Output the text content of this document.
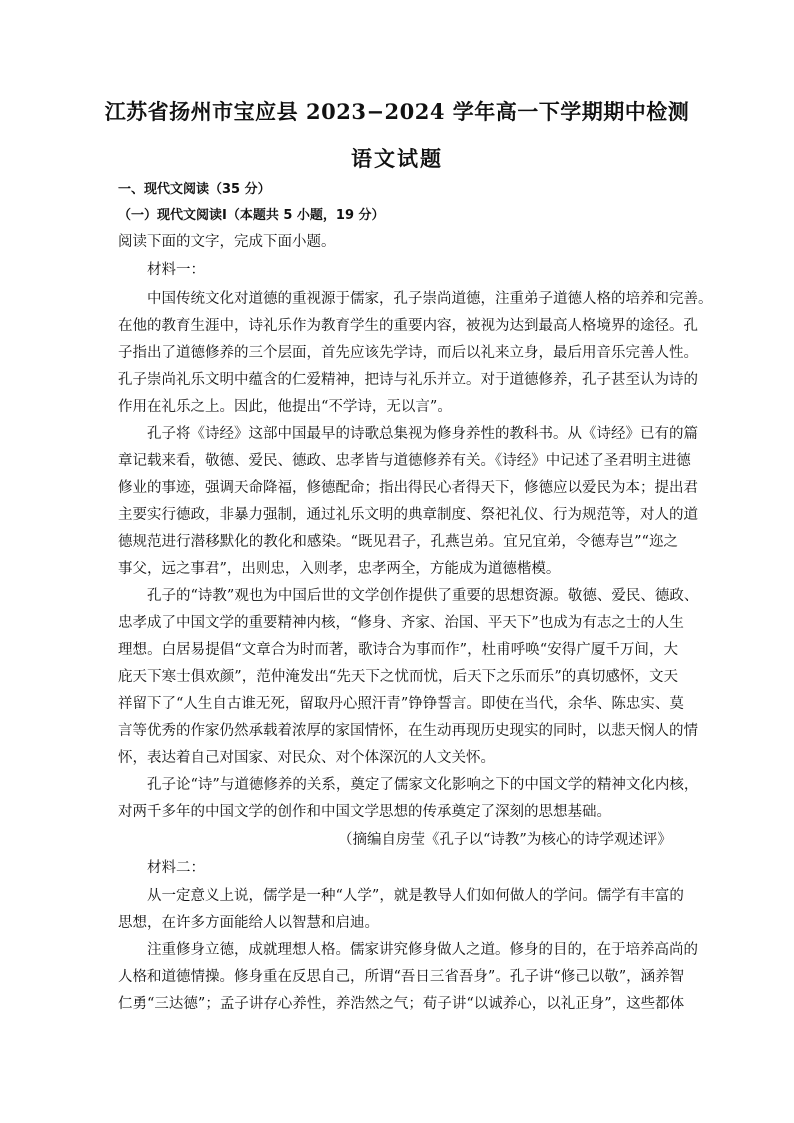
江苏省扬州市宝应县 2023−2024 学年高一下学期期中检测
语文试题
一、现代文阅读（35 分）
（一）现代文阅读Ⅰ（本题共 5 小题，19 分）
阅读下面的文字，完成下面小题。
材料一：
中国传统文化对道德的重视源于儒家，孔子崇尚道德，注重弟子道德人格的培养和完善。
在他的教育生涯中，诗礼乐作为教育学生的重要内容，被视为达到最高人格境界的途径。孔
子指出了道德修养的三个层面，首先应该先学诗，而后以礼来立身，最后用音乐完善人性。
孔子崇尚礼乐文明中蕴含的仁爱精神，把诗与礼乐并立。对于道德修养，孔子甚至认为诗的
作用在礼乐之上。因此，他提出“不学诗，无以言”。
孔子将《诗经》这部中国最早的诗歌总集视为修身养性的教科书。从《诗经》已有的篇
章记载来看，敬德、爱民、德政、忠孝皆与道德修养有关。《诗经》中记述了圣君明主进德
修业的事迹，强调天命降福，修德配命；指出得民心者得天下，修德应以爱民为本；提出君
主要实行德政，非暴力强制，通过礼乐文明的典章制度、祭祀礼仪、行为规范等，对人的道
德规范进行潜移默化的教化和感染。“既见君子，孔燕岂弟。宜兄宜弟，令德寿岂”“迩之
事父，远之事君”，出则忠，入则孝，忠孝两全，方能成为道德楷模。
孔子的“诗教”观也为中国后世的文学创作提供了重要的思想资源。敬德、爱民、德政、
忠孝成了中国文学的重要精神内核，“修身、齐家、治国、平天下”也成为有志之士的人生
理想。白居易提倡“文章合为时而著，歌诗合为事而作”，杜甫呼唤“安得广厦千万间，大
庇天下寒士俱欢颜”，范仲淹发出“先天下之忧而忧，后天下之乐而乐”的真切感怀，文天
祥留下了“人生自古谁无死，留取丹心照汗青”铮铮誓言。即使在当代，余华、陈忠实、莫
言等优秀的作家仍然承载着浓厚的家国情怀，在生动再现历史现实的同时，以悲天悯人的情
怀，表达着自己对国家、对民众、对个体深沉的人文关怀。
孔子论“诗”与道德修养的关系，奠定了儒家文化影响之下的中国文学的精神文化内核，
对两千多年的中国文学的创作和中国文学思想的传承奠定了深刻的思想基础。
（摘编自房莹《孔子以“诗教”为核心的诗学观述评》
材料二：
从一定意义上说，儒学是一种“人学”，就是教导人们如何做人的学问。儒学有丰富的
思想，在许多方面能给人以智慧和启迪。
注重修身立德，成就理想人格。儒家讲究修身做人之道。修身的目的，在于培养高尚的
人格和道德情操。修身重在反思自己，所谓“吾日三省吾身”。孔子讲“修己以敬”，涵养智
仁勇“三达德”；孟子讲存心养性，养浩然之气；荀子讲“以诚养心，以礼正身”，这些都体
